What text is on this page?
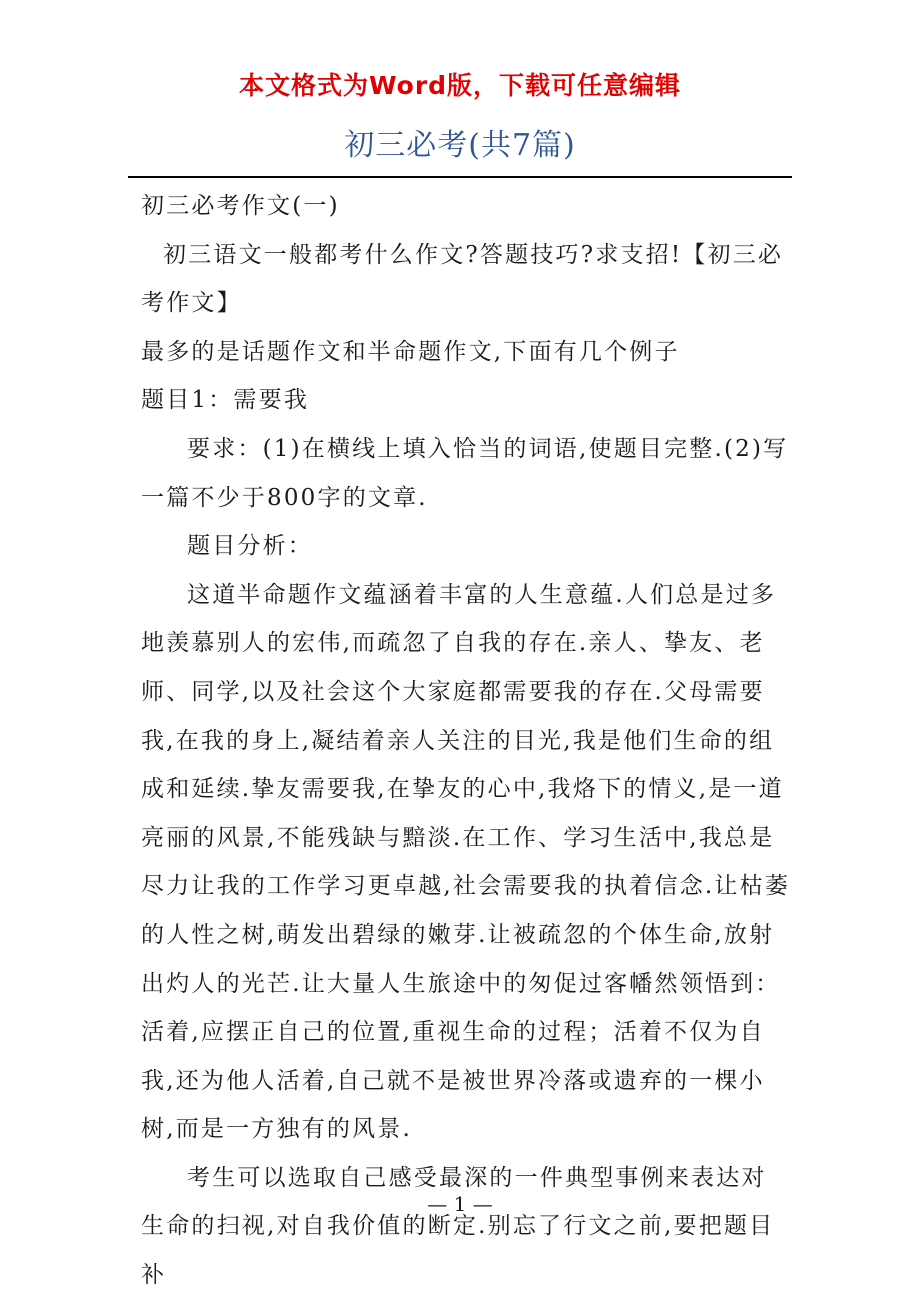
本文格式为Word版，下载可任意编辑
初三必考(共7篇)

初三必考作文(一)

初三语文一般都考什么作文?答题技巧?求支招!【初三必考作文】

最多的是话题作文和半命题作文,下面有几个例子

题目1：需要我

要求：(1)在横线上填入恰当的词语,使题目完整.(2)写一篇不少于800字的文章.

题目分析：

这道半命题作文蕴涵着丰富的人生意蕴.人们总是过多地羡慕别人的宏伟,而疏忽了自我的存在.亲人、挚友、老师、同学,以及社会这个大家庭都需要我的存在.父母需要我,在我的身上,凝结着亲人关注的目光,我是他们生命的组成和延续.挚友需要我,在挚友的心中,我烙下的情义,是一道亮丽的风景,不能残缺与黯淡.在工作、学习生活中,我总是尽力让我的工作学习更卓越,社会需要我的执着信念.让枯萎的人性之树,萌发出碧绿的嫩芽.让被疏忽的个体生命,放射出灼人的光芒.让大量人生旅途中的匆促过客幡然领悟到：活着,应摆正自己的位置,重视生命的过程；活着不仅为自我,还为他人活着,自己就不是被世界冷落或遗弃的一棵小树,而是一方独有的风景.

考生可以选取自己感受最深的一件典型事例来表达对生命的扫视,对自我价值的断定.别忘了行文之前,要把题目补

— 1 —
